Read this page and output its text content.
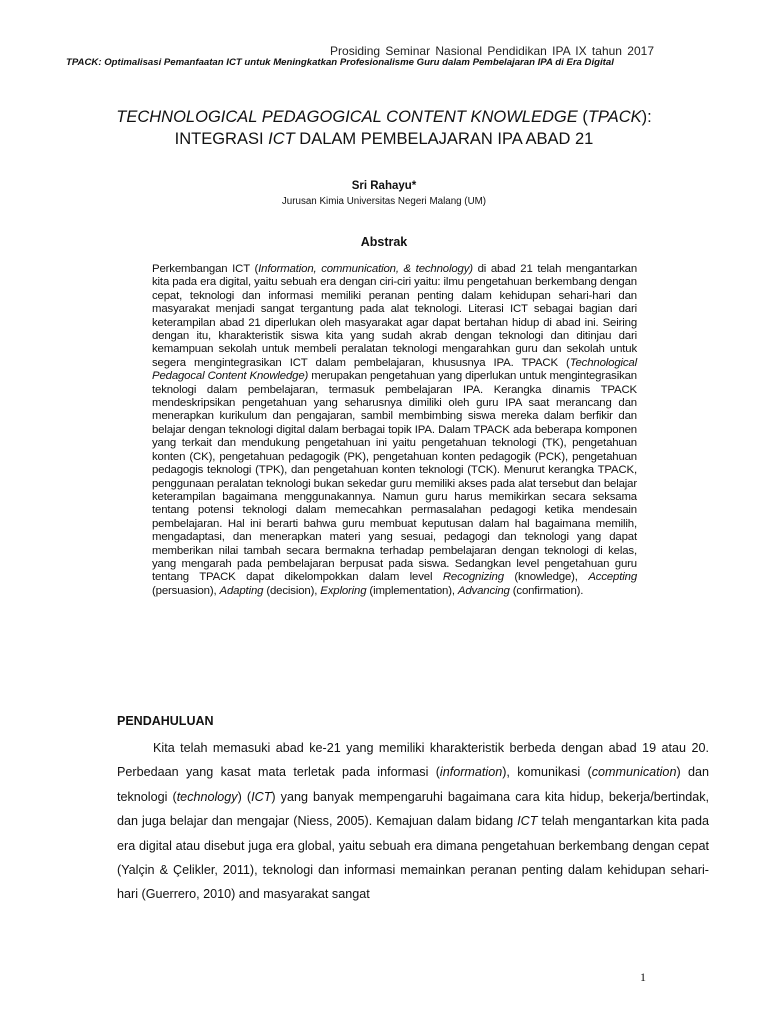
Prosiding Seminar Nasional Pendidikan IPA IX tahun 2017
TPACK: Optimalisasi Pemanfaatan ICT untuk Meningkatkan Profesionalisme Guru dalam Pembelajaran IPA di Era Digital
TECHNOLOGICAL PEDAGOGICAL CONTENT KNOWLEDGE (TPACK):
INTEGRASI ICT DALAM PEMBELAJARAN IPA ABAD 21
Sri Rahayu*
Jurusan Kimia Universitas Negeri Malang (UM)
Abstrak

Perkembangan ICT (Information, communication, & technology) di abad 21 telah mengantarkan kita pada era digital, yaitu sebuah era dengan ciri-ciri yaitu: ilmu pengetahuan berkembang dengan cepat, teknologi dan informasi memiliki peranan penting dalam kehidupan sehari-hari dan masyarakat menjadi sangat tergantung pada alat teknologi. Literasi ICT sebagai bagian dari keterampilan abad 21 diperlukan oleh masyarakat agar dapat bertahan hidup di abad ini. Seiring dengan itu, kharakteristik siswa kita yang sudah akrab dengan teknologi dan ditinjau dari kemampuan sekolah untuk membeli peralatan teknologi mengarahkan guru dan sekolah untuk segera mengintegrasikan ICT dalam pembelajaran, khususnya IPA. TPACK (Technological Pedagocal Content Knowledge) merupakan pengetahuan yang diperlukan untuk mengintegrasikan teknologi dalam pembelajaran, termasuk pembelajaran IPA. Kerangka dinamis TPACK mendeskripsikan pengetahuan yang seharusnya dimiliki oleh guru IPA saat merancang dan menerapkan kurikulum dan pengajaran, sambil membimbing siswa mereka dalam berfikir dan belajar dengan teknologi digital dalam berbagai topik IPA. Dalam TPACK ada beberapa komponen yang terkait dan mendukung pengetahuan ini yaitu pengetahuan teknologi (TK), pengetahuan konten (CK), pengetahuan pedagogik (PK), pengetahuan konten pedagogik (PCK), pengetahuan pedagogis teknologi (TPK), dan pengetahuan konten teknologi (TCK). Menurut kerangka TPACK, penggunaan peralatan teknologi bukan sekedar guru memiliki akses pada alat tersebut dan belajar keterampilan bagaimana menggunakannya. Namun guru harus memikirkan secara seksama tentang potensi teknologi dalam memecahkan permasalahan pedagogi ketika mendesain pembelajaran. Hal ini berarti bahwa guru membuat keputusan dalam hal bagaimana memilih, mengadaptasi, dan menerapkan materi yang sesuai, pedagogi dan teknologi yang dapat memberikan nilai tambah secara bermakna terhadap pembelajaran dengan teknologi di kelas, yang mengarah pada pembelajaran berpusat pada siswa. Sedangkan level pengetahuan guru tentang TPACK dapat dikelompokkan dalam level Recognizing (knowledge), Accepting (persuasion), Adapting (decision), Exploring (implementation), Advancing (confirmation).

PENDAHULUAN

Kita telah memasuki abad ke-21 yang memiliki kharakteristik berbeda dengan abad 19 atau 20. Perbedaan yang kasat mata terletak pada informasi (information), komunikasi (communication) dan teknologi (technology) (ICT) yang banyak mempengaruhi bagaimana cara kita hidup, bekerja/bertindak, dan juga belajar dan mengajar (Niess, 2005). Kemajuan dalam bidang ICT telah mengantarkan kita pada era digital atau disebut juga era global, yaitu sebuah era dimana pengetahuan berkembang dengan cepat (Yalçin & Çelikler, 2011), teknologi dan informasi memainkan peranan penting dalam kehidupan sehari-hari (Guerrero, 2010) and masyarakat sangat

1
